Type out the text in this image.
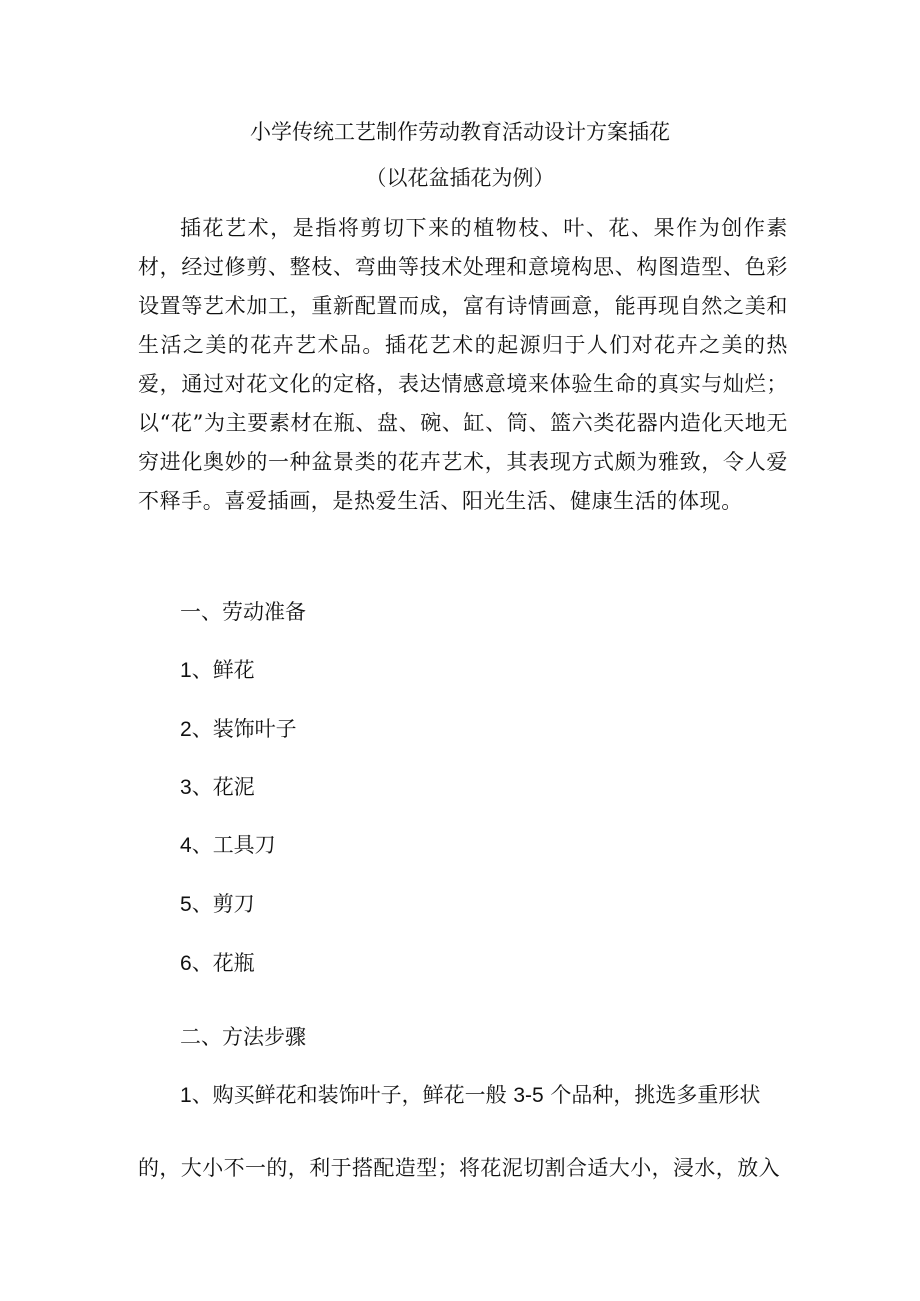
小学传统工艺制作劳动教育活动设计方案插花
（以花盆插花为例）

插花艺术，是指将剪切下来的植物枝、叶、花、果作为创作素材，经过修剪、整枝、弯曲等技术处理和意境构思、构图造型、色彩设置等艺术加工，重新配置而成，富有诗情画意，能再现自然之美和生活之美的花卉艺术品。插花艺术的起源归于人们对花卉之美的热爱，通过对花文化的定格，表达情感意境来体验生命的真实与灿烂；以“花”为主要素材在瓶、盘、碗、缸、筒、篮六类花器内造化天地无穷进化奥妙的一种盆景类的花卉艺术，其表现方式颇为雅致，令人爱不释手。喜爱插画，是热爱生活、阳光生活、健康生活的体现。

一、劳动准备

1、鲜花

2、装饰叶子

3、花泥

4、工具刀

5、剪刀

6、花瓶

二、方法步骤

1、购买鲜花和装饰叶子，鲜花一般 3-5 个品种，挑选多重形状

的，大小不一的，利于搭配造型；将花泥切割合适大小，浸水，放入
